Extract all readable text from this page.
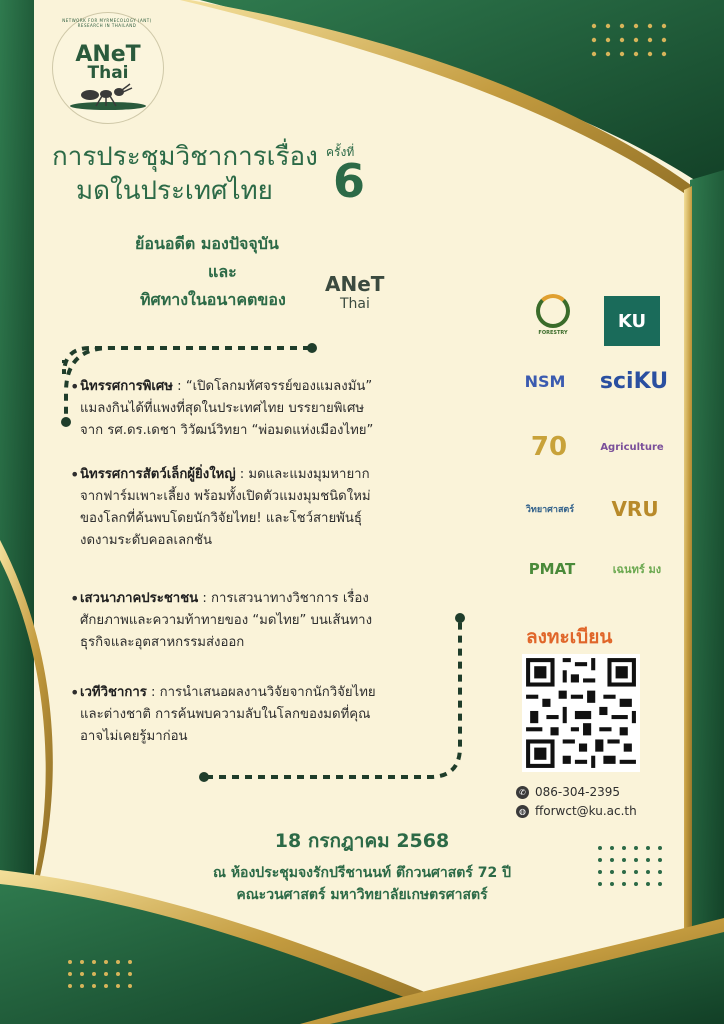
NETWORK FOR MYRMECOLOGY (ANT) RESEARCH IN THAILAND
ANeT
Thai
การประชุมวิชาการเรื่อง
มดในประเทศไทย
ครั้งที่
6
ย้อนอดีต มองปัจจุบัน
และ
ทิศทางในอนาคตของ
ANeT
Thai
• นิทรรศการพิเศษ : “เปิดโลกมหัศจรรย์ของแมลงมัน”
แมลงกินได้ที่แพงที่สุดในประเทศไทย บรรยายพิเศษ
จาก รศ.ดร.เดชา วิวัฒน์วิทยา “พ่อมดแห่งเมืองไทย”
• นิทรรศการสัตว์เล็กผู้ยิ่งใหญ่ : มดและแมงมุมหายาก
จากฟาร์มเพาะเลี้ยง พร้อมทั้งเปิดตัวแมงมุมชนิดใหม่
ของโลกที่ค้นพบโดยนักวิจัยไทย! และโชว์สายพันธุ์
งดงามระดับคอลเลกชัน
• เสวนาภาคประชาชน : การเสวนาทางวิชาการ เรื่อง
ศักยภาพและความท้าทายของ “มดไทย” บนเส้นทาง
ธุรกิจและอุตสาหกรรมส่งออก
• เวทีวิชาการ : การนำเสนอผลงานวิจัยจากนักวิจัยไทย
และต่างชาติ การค้นพบความลับในโลกของมดที่คุณ
อาจไม่เคยรู้มาก่อน
FORESTRY
KU
NSM sciKU
70	Agriculture
วิทยาศาสตร์ VRU
PMAT	เฉนทร์ มง
ลงทะเบียน
✆ 086-304-2395
◍ fforwct@ku.ac.th
18 กรกฎาคม 2568
ณ ห้องประชุมจงรักปรีชานนท์ ตึกวนศาสตร์ 72 ปี
คณะวนศาสตร์ มหาวิทยาลัยเกษตรศาสตร์
